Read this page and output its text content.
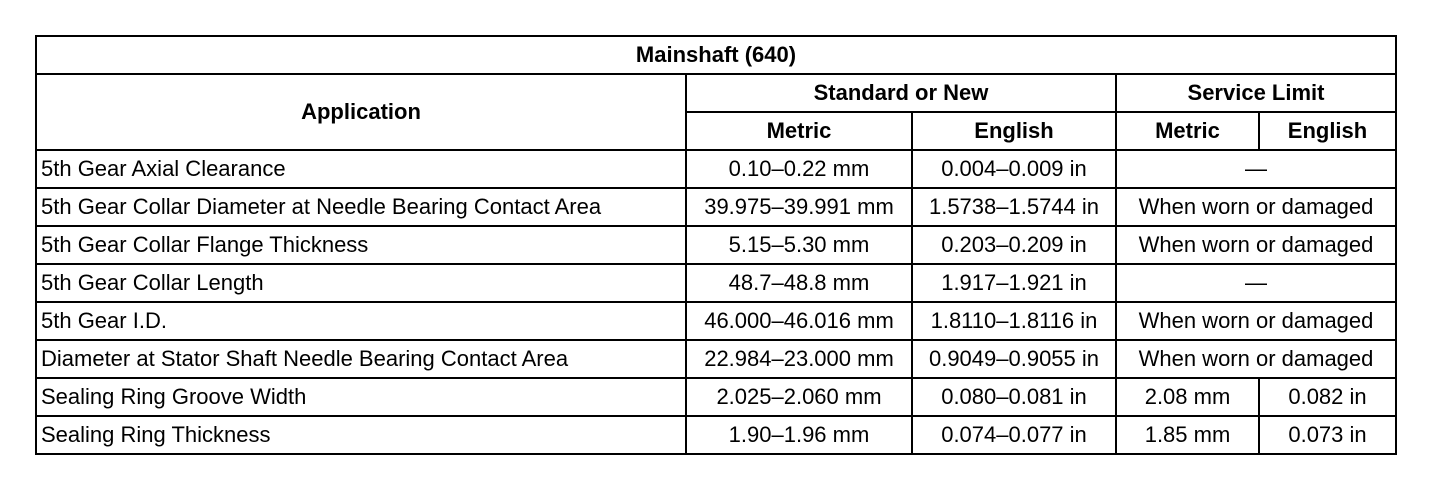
Mainshaft (640)				
Application	Standard or New		Service Limit	
	Metric	English	Metric	English
5th Gear Axial Clearance	0.10–0.22 mm	0.004–0.009 in	—	
5th Gear Collar Diameter at Needle Bearing Contact Area	39.975–39.991 mm	1.5738–1.5744 in	When worn or damaged	
5th Gear Collar Flange Thickness	5.15–5.30 mm	0.203–0.209 in	When worn or damaged	
5th Gear Collar Length	48.7–48.8 mm	1.917–1.921 in	—	
5th Gear I.D.	46.000–46.016 mm	1.8110–1.8116 in	When worn or damaged	
Diameter at Stator Shaft Needle Bearing Contact Area	22.984–23.000 mm	0.9049–0.9055 in	When worn or damaged	
Sealing Ring Groove Width	2.025–2.060 mm	0.080–0.081 in	2.08 mm	0.082 in
Sealing Ring Thickness	1.90–1.96 mm	0.074–0.077 in	1.85 mm	0.073 in
